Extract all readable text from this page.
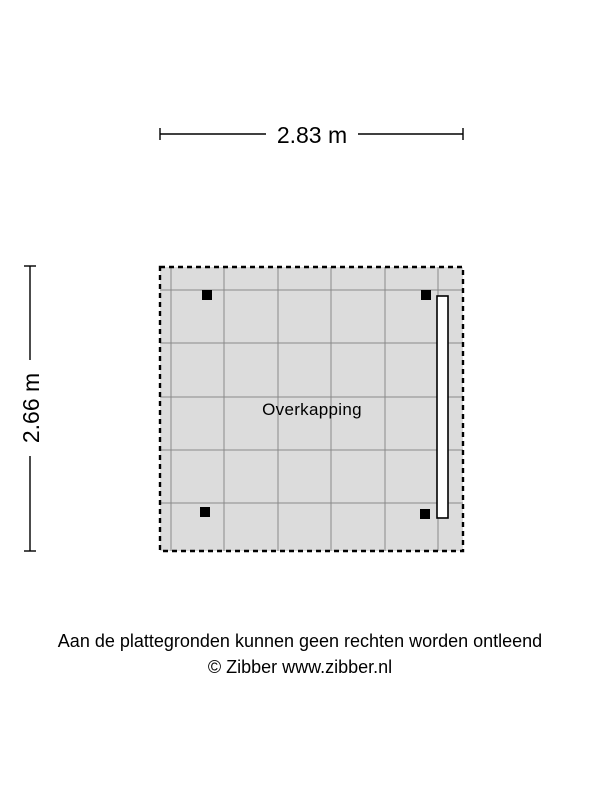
2.83 m
2.66 m	Overkapping
Aan de plattegronden kunnen geen rechten worden ontleend
© Zibber www.zibber.nl
